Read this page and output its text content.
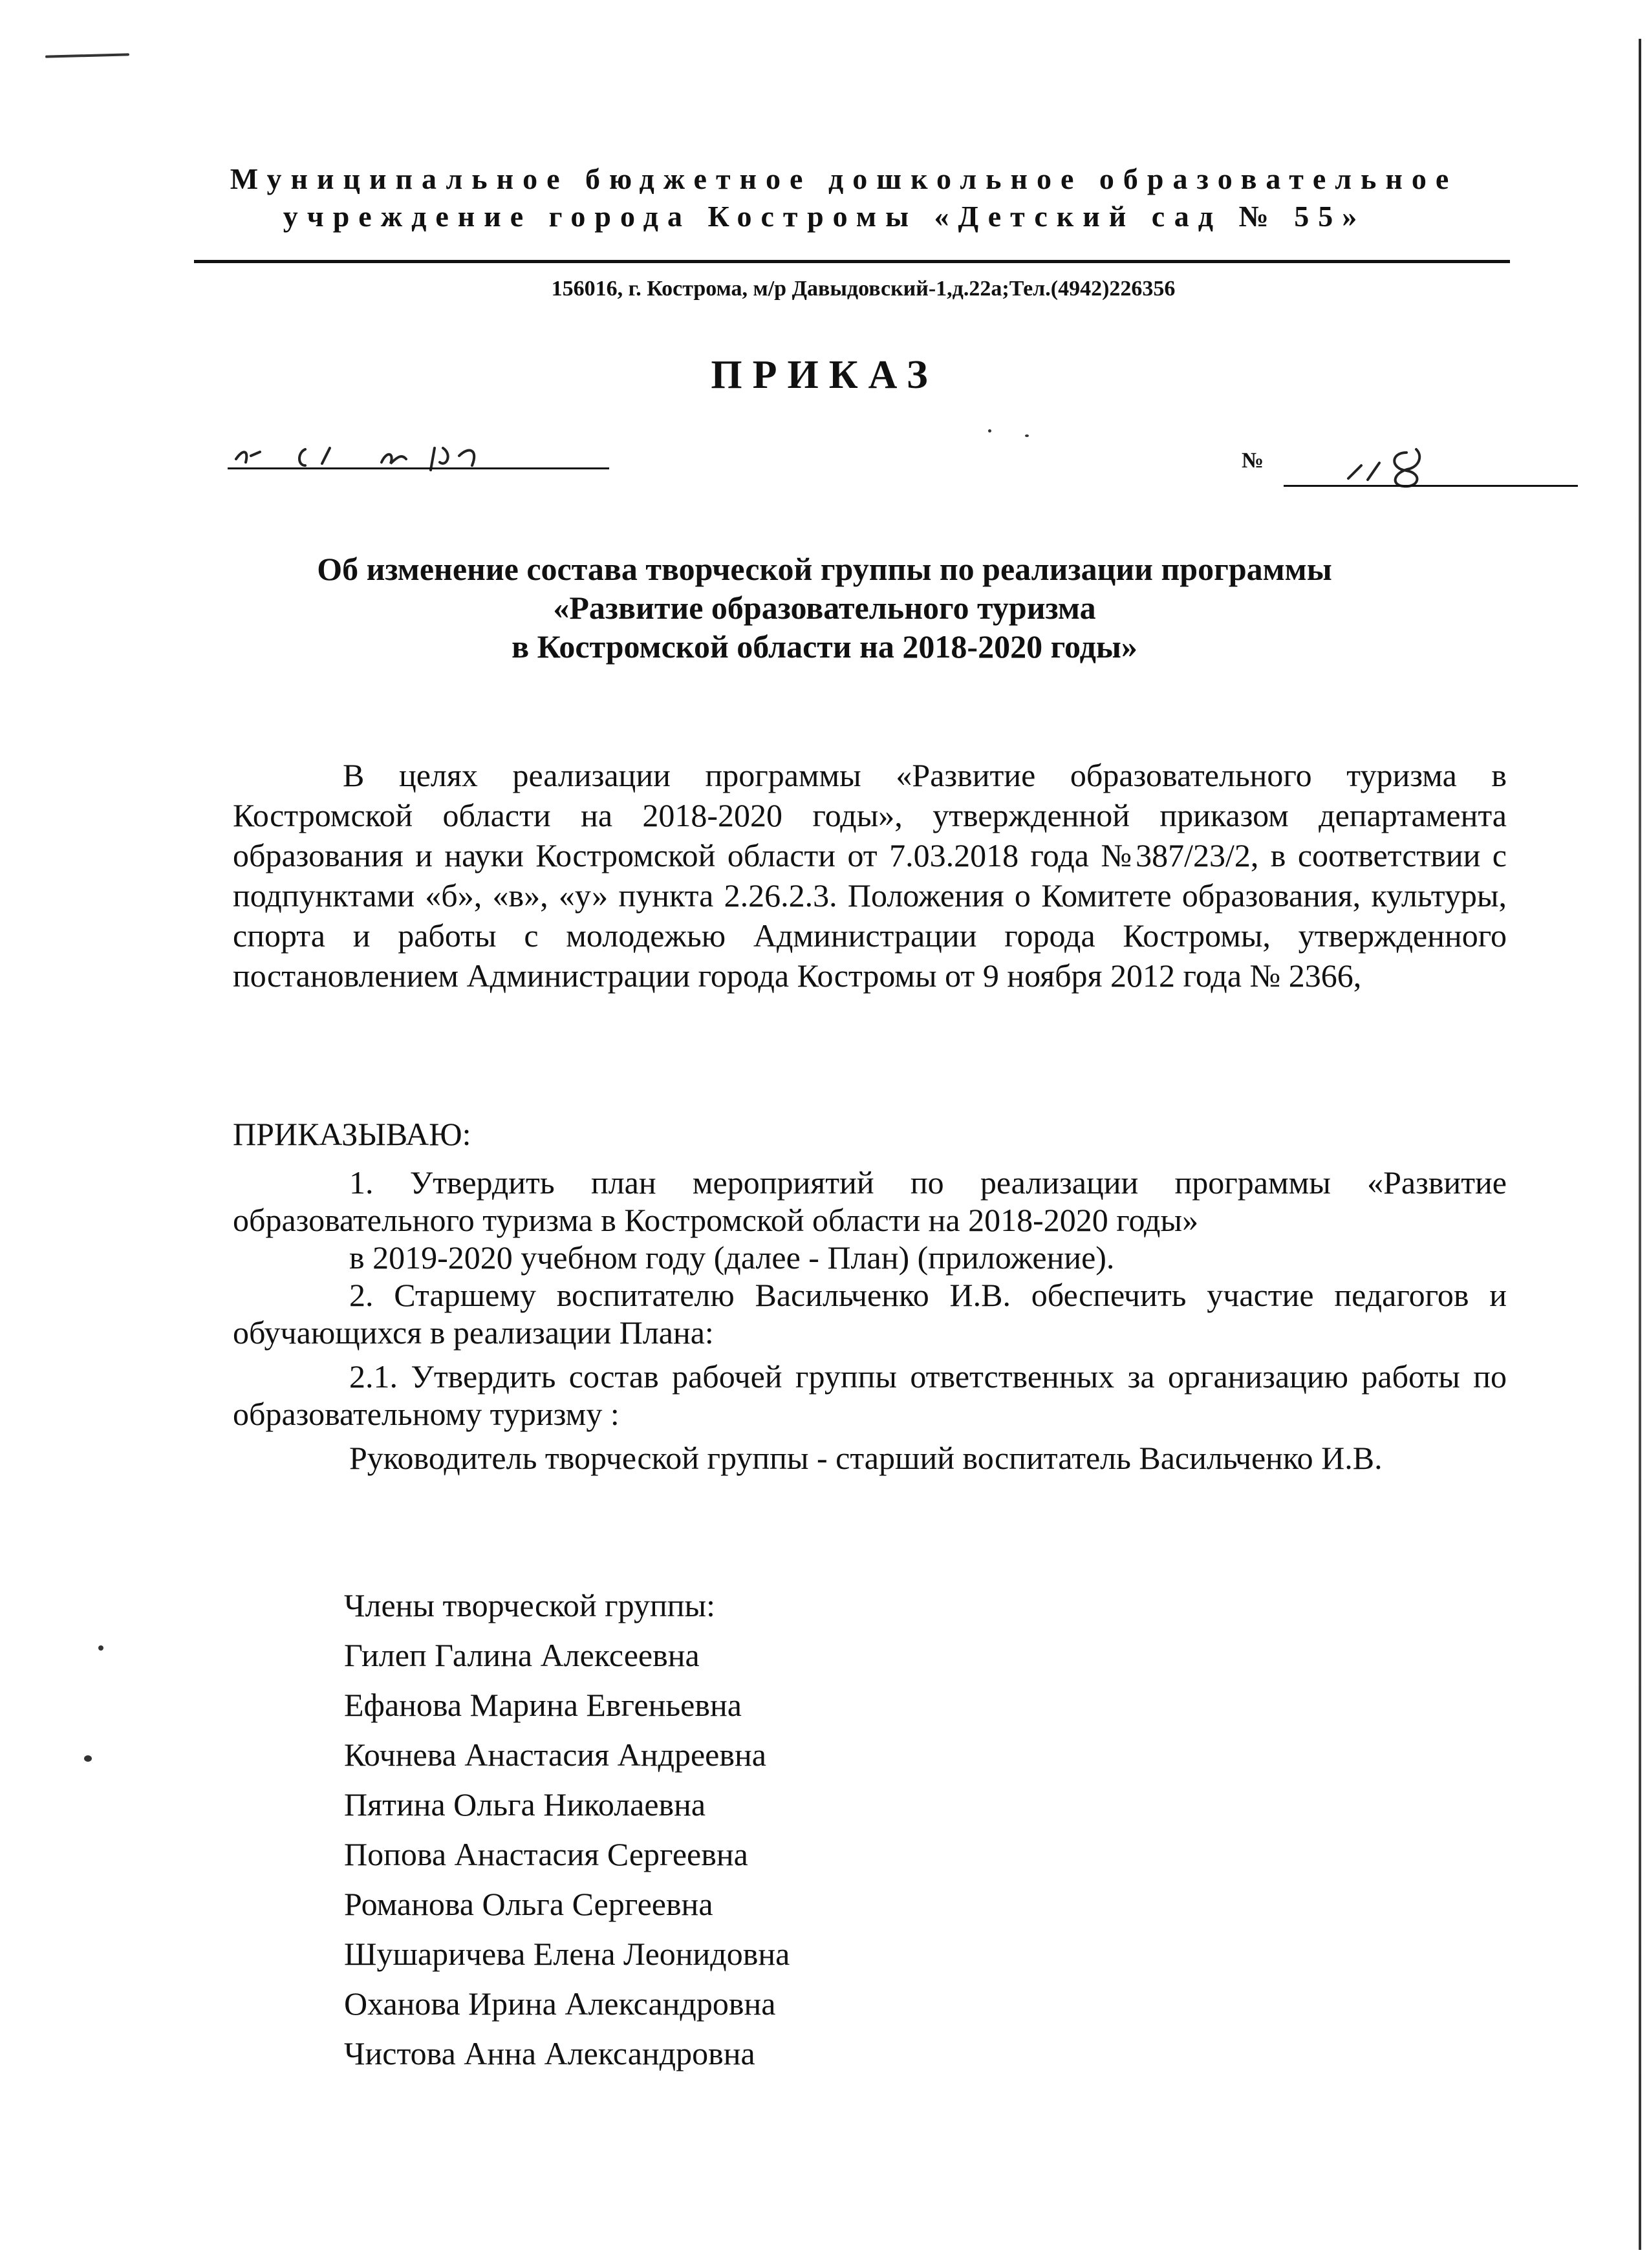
Муниципальное бюджетное дошкольное образовательное
учреждение города Костромы «Детский сад № 55»
156016, г. Кострома, м/р Давыдовский-1,д.22а;Тел.(4942)226356
ПРИКАЗ
№
Об изменение состава творческой группы по реализации программы
«Развитие образовательного туризма
в Костромской области на 2018-2020 годы»
В целях реализации программы «Развитие образовательного туризма в Костромской области на 2018-2020 годы», утвержденной приказом департамента образования и науки Костромской области от 7.03.2018 года №387/23/2, в соответствии с подпунктами «б», «в», «у» пункта 2.26.2.3. Положения о Комитете образования, культуры, спорта и работы с молодежью Администрации города Костромы, утвержденного постановлением Администрации города Костромы от 9 ноября 2012 года № 2366,
ПРИКАЗЫВАЮ:
1. Утвердить план мероприятий по реализации программы «Развитие образовательного туризма в Костромской области на 2018-2020 годы»
в 2019-2020 учебном году (далее - План) (приложение).
2. Старшему воспитателю Васильченко И.В. обеспечить участие педагогов и обучающихся в реализации Плана:
2.1. Утвердить состав рабочей группы ответственных за организацию работы по образовательному туризму :
Руководитель творческой группы - старший воспитатель Васильченко И.В.
Члены творческой группы:
Гилеп Галина Алексеевна
Ефанова Марина Евгеньевна
Кочнева Анастасия Андреевна
Пятина Ольга Николаевна
Попова Анастасия Сергеевна
Романова Ольга Сергеевна
Шушаричева Елена Леонидовна
Оханова Ирина Александровна
Чистова Анна Александровна
